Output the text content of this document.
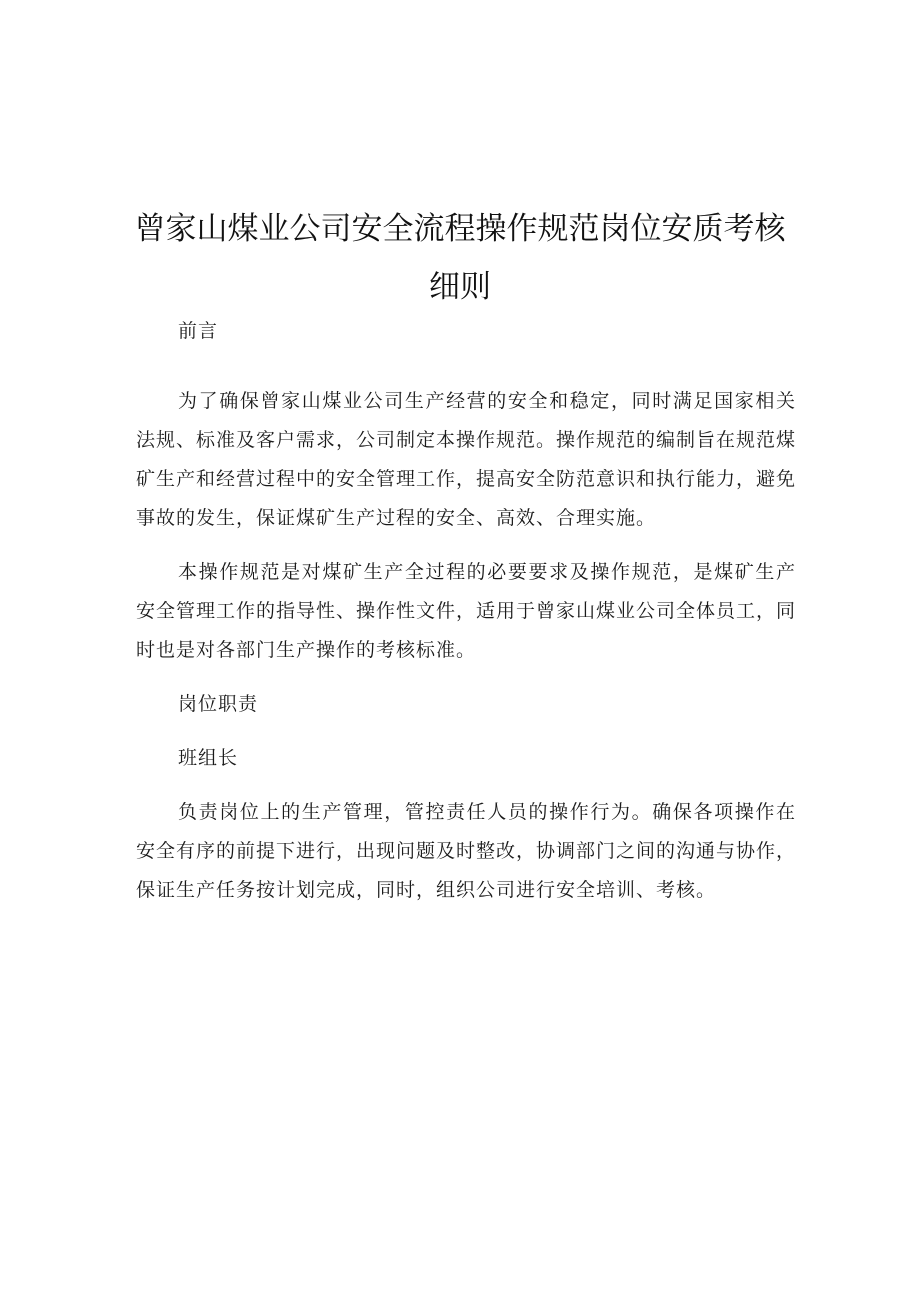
曾家山煤业公司安全流程操作规范岗位安质考核细则

前言

为了确保曾家山煤业公司生产经营的安全和稳定，同时满足国家相关法规、标准及客户需求，公司制定本操作规范。操作规范的编制旨在规范煤矿生产和经营过程中的安全管理工作，提高安全防范意识和执行能力，避免事故的发生，保证煤矿生产过程的安全、高效、合理实施。

本操作规范是对煤矿生产全过程的必要要求及操作规范，是煤矿生产安全管理工作的指导性、操作性文件，适用于曾家山煤业公司全体员工，同时也是对各部门生产操作的考核标准。

岗位职责

班组长

负责岗位上的生产管理，管控责任人员的操作行为。确保各项操作在安全有序的前提下进行，出现问题及时整改，协调部门之间的沟通与协作，保证生产任务按计划完成，同时，组织公司进行安全培训、考核。
